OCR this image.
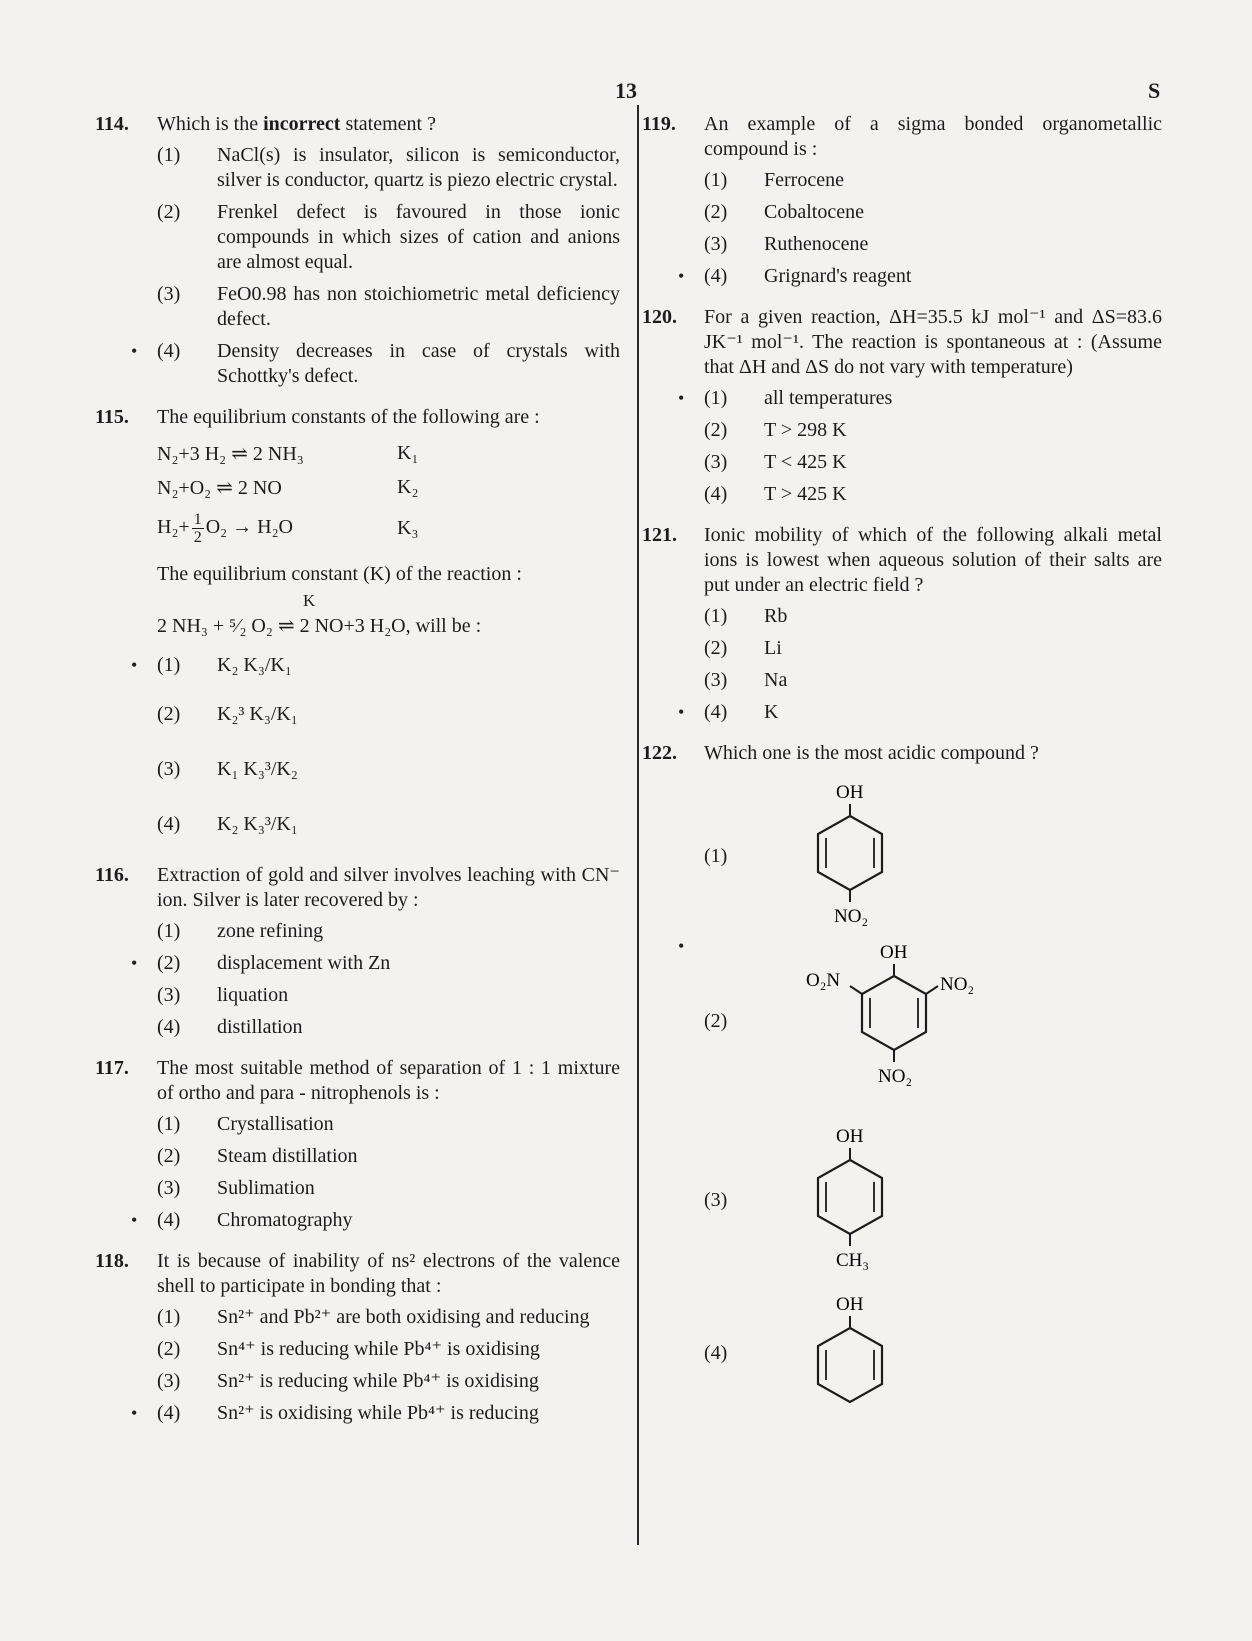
13	S
114.	Which is the incorrect statement ?
(1)	NaCl(s) is insulator, silicon is semiconductor, silver is conductor, quartz is piezo electric crystal.
(2)	Frenkel defect is favoured in those ionic compounds in which sizes of cation and anions are almost equal.
(3)	FeO0.98 has non stoichiometric metal deficiency defect.
• (4)	Density decreases in case of crystals with Schottky's defect.
115.	The equilibrium constants of the following are :
N₂+3 H₂ ⇌ 2 NH₃	K₁
N₂+O₂ ⇌ 2 NO	K₂
$H_2+ \frac{1}{2} O_2 \to H_2O$	K₃
The equilibrium constant (K) of the reaction :
K
2 NH₃ + ⁵⁄₂ O₂ ⇌ 2 NO+3 H₂O, will be :
• (1)	K₂ K₃/K₁
(2)	K₂³ K₃/K₁
(3)	K₁ K₃³/K₂
(4)	K₂ K₃³/K₁
116.	Extraction of gold and silver involves leaching with CN⁻ ion. Silver is later recovered by :
(1)	zone refining
• (2)	displacement with Zn
(3)	liquation
(4)	distillation
117.	The most suitable method of separation of 1 : 1 mixture of ortho and para - nitrophenols is :
(1)	Crystallisation
(2)	Steam distillation
(3)	Sublimation
• (4)	Chromatography
118.	It is because of inability of ns² electrons of the valence shell to participate in bonding that :
(1)	Sn²⁺ and Pb²⁺ are both oxidising and reducing
(2)	Sn⁴⁺ is reducing while Pb⁴⁺ is oxidising
(3)	Sn²⁺ is reducing while Pb⁴⁺ is oxidising
• (4)	Sn²⁺ is oxidising while Pb⁴⁺ is reducing
119.	An example of a sigma bonded organometallic compound is :
(1)	Ferrocene
(2)	Cobaltocene
(3)	Ruthenocene
• (4)	Grignard's reagent
120.	For a given reaction, ΔH=35.5 kJ mol⁻¹ and ΔS=83.6 JK⁻¹ mol⁻¹. The reaction is spontaneous at : (Assume that ΔH and ΔS do not vary with temperature)
• (1)	all temperatures
(2)	T > 298 K
(3)	T < 425 K
(4)	T > 425 K
121.	Ionic mobility of which of the following alkali metal ions is lowest when aqueous solution of their salts are put under an electric field ?
(1)	Rb
(2)	Li
(3)	Na
• (4)	K
122.	Which one is the most acidic compound ?
(1)
OH
NO₂
•
(2)
OH
O₂N	NO₂
NO₂
(3)
OH
CH₃
(4)
OH
